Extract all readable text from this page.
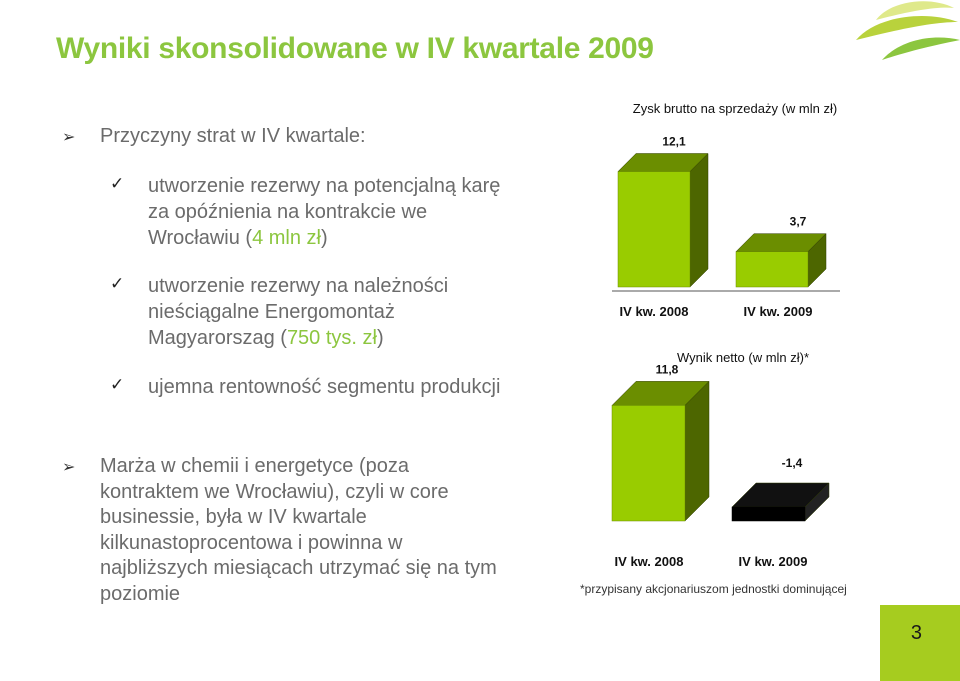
Wyniki skonsolidowane w IV kwartale 2009
➢ Przyczyny strat w IV kwartale:
✓ utworzenie rezerwy na potencjalną karę
za opóźnienia na kontrakcie we
Wrocławiu (4 mln zł)
✓ utworzenie rezerwy na należności
nieściągalne Energomontaż
Magyarorszag (750 tys. zł)
✓ ujemna rentowność segmentu produkcji
➢ Marża w chemii i energetyce (poza
kontraktem we Wrocławiu), czyli w core
businessie, była w IV kwartale
kilkunastoprocentowa i powinna w
najbliższych miesiącach utrzymać się na tym
poziomie
Zysk brutto na sprzedaży (w mln zł)
12,1
IV kw. 2008
3,7
IV kw. 2009
Wynik netto (w mln zł)*
11,8
IV kw. 2008
-1,4
IV kw. 2009
*przypisany akcjonariuszom jednostki dominującej
3
